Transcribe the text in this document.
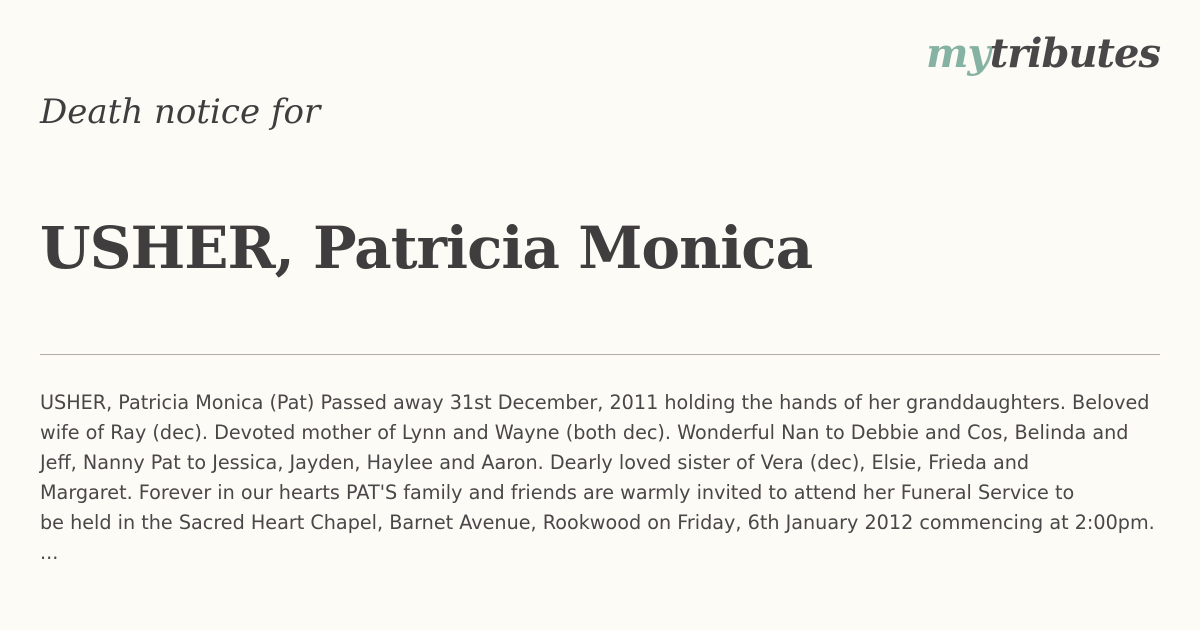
mytributes
Death notice for
USHER, Patricia Monica
USHER, Patricia Monica (Pat) Passed away 31st December, 2011 holding the hands of her granddaughters. Beloved
wife of Ray (dec). Devoted mother of Lynn and Wayne (both dec). Wonderful Nan to Debbie and Cos, Belinda and
Jeff, Nanny Pat to Jessica, Jayden, Haylee and Aaron. Dearly loved sister of Vera (dec), Elsie, Frieda and
Margaret. Forever in our hearts PAT'S family and friends are warmly invited to attend her Funeral Service to
be held in the Sacred Heart Chapel, Barnet Avenue, Rookwood on Friday, 6th January 2012 commencing at 2:00pm.
...
